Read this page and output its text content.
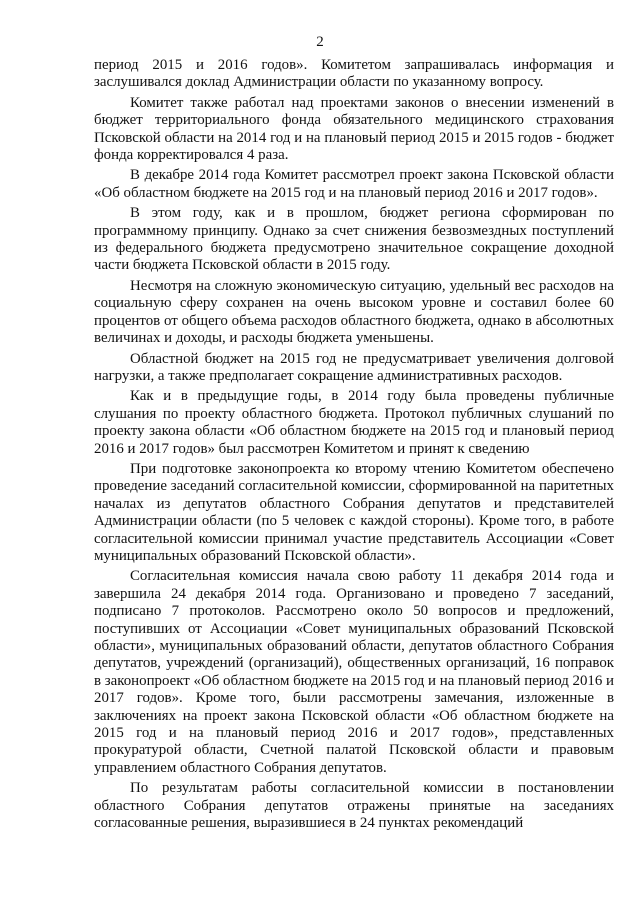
2

период 2015 и 2016 годов». Комитетом запрашивалась информация и заслушивался доклад Администрации области по указанному вопросу.

Комитет также работал над проектами законов о внесении изменений в бюджет территориального фонда обязательного медицинского страхования Псковской области на 2014 год и на плановый период 2015 и 2015 годов - бюджет фонда корректировался 4 раза.

В декабре 2014 года Комитет рассмотрел проект закона Псковской области «Об областном бюджете на 2015 год и на плановый период 2016 и 2017 годов».

В этом году, как и в прошлом, бюджет региона сформирован по программному принципу. Однако за счет снижения безвозмездных поступлений из федерального бюджета предусмотрено значительное сокращение доходной части бюджета Псковской области в 2015 году.

Несмотря на сложную экономическую ситуацию, удельный вес расходов на социальную сферу сохранен на очень высоком уровне и составил более 60 процентов от общего объема расходов областного бюджета, однако в абсолютных величинах и доходы, и расходы бюджета уменьшены.

Областной бюджет на 2015 год не предусматривает увеличения долговой нагрузки, а также предполагает сокращение административных расходов.

Как и в предыдущие годы, в 2014 году была проведены публичные слушания по проекту областного бюджета. Протокол публичных слушаний по проекту закона области «Об областном бюджете на 2015 год и плановый период 2016 и 2017 годов» был рассмотрен Комитетом и принят к сведению

При подготовке законопроекта ко второму чтению Комитетом обеспечено проведение заседаний согласительной комиссии, сформированной на паритетных началах из депутатов областного Собрания депутатов и представителей Администрации области (по 5 человек с каждой стороны). Кроме того, в работе согласительной комиссии принимал участие представитель Ассоциации «Совет муниципальных образований Псковской области».

Согласительная комиссия начала свою работу 11 декабря 2014 года и завершила 24 декабря 2014 года. Организовано и проведено 7 заседаний, подписано 7 протоколов. Рассмотрено около 50 вопросов и предложений, поступивших от Ассоциации «Совет муниципальных образований Псковской области», муниципальных образований области, депутатов областного Собрания депутатов, учреждений (организаций), общественных организаций, 16 поправок в законопроект «Об областном бюджете на 2015 год и на плановый период 2016 и 2017 годов». Кроме того, были рассмотрены замечания, изложенные в заключениях на проект закона Псковской области «Об областном бюджете на 2015 год и на плановый период 2016 и 2017 годов», представленных прокуратурой области, Счетной палатой Псковской области и правовым управлением областного Собрания депутатов.

По результатам работы согласительной комиссии в постановлении областного Собрания депутатов отражены принятые на заседаниях согласованные решения, выразившиеся в 24 пунктах рекомендаций
